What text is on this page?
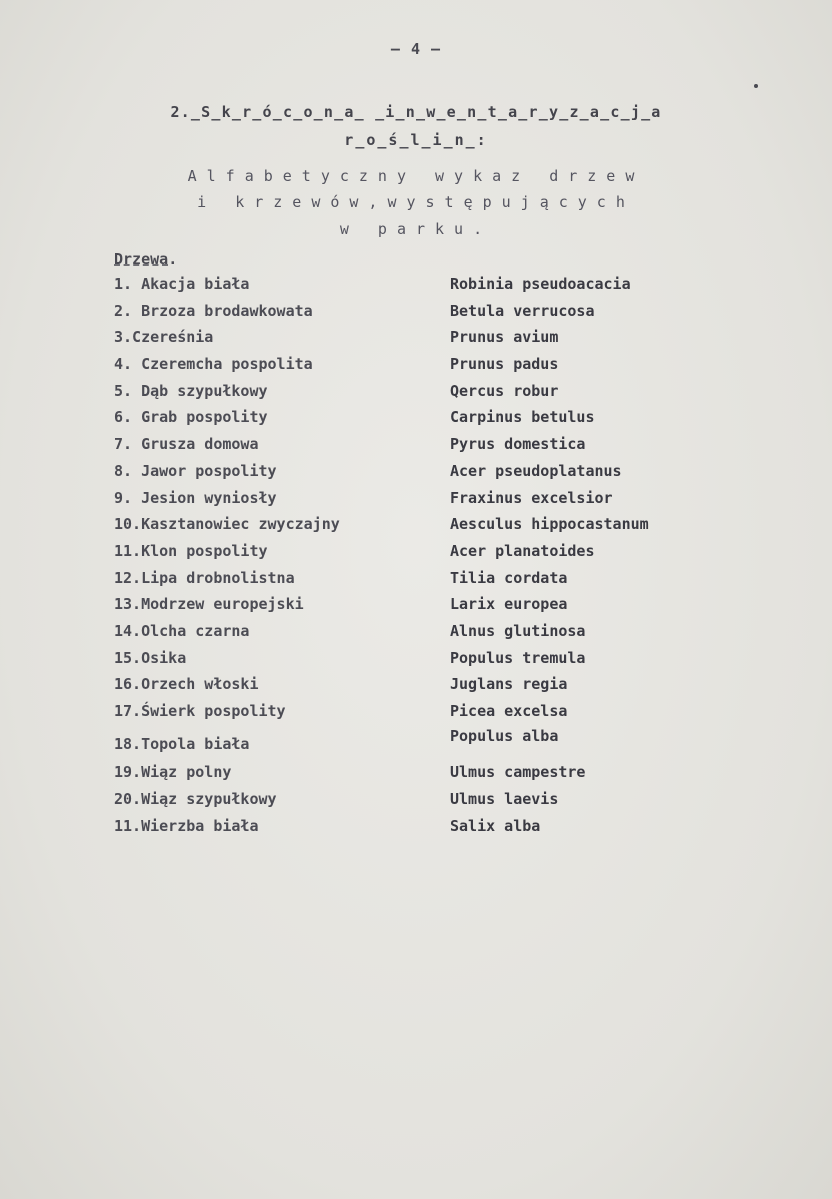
— 4 —
2._S_k_r_ó_c_o_n_a_ _i_n_w_e_n_t_a_r_y_z_a_c_j_a
r_o_ś_l_i_n_:
Alfabetyczny wykaz drzew
i krzewów,występujących
w parku.
Drzewa.
1. Akacja biała	Robinia pseudoacacia
2. Brzoza brodawkowata	Betula verrucosa
3.Czereśnia	Prunus avium
4. Czeremcha pospolita	Prunus padus
5. Dąb szypułkowy	Qercus robur
6. Grab pospolity	Carpinus betulus
7. Grusza domowa	Pyrus domestica
8. Jawor pospolity	Acer pseudoplatanus
9. Jesion wyniosły	Fraxinus excelsior
10.Kasztanowiec zwyczajny	Aesculus hippocastanum
11.Klon pospolity	Acer planatoides
12.Lipa drobnolistna	Tilia cordata
13.Modrzew europejski	Larix europea
14.Olcha czarna	Alnus glutinosa
15.Osika	Populus tremula
16.Orzech włoski	Juglans regia
17.Świerk pospolity	Picea excelsa
18.Topola biała	Populus alba
19.Wiąz polny	Ulmus campestre
20.Wiąz szypułkowy	Ulmus laevis
11.Wierzba biała	Salix alba
